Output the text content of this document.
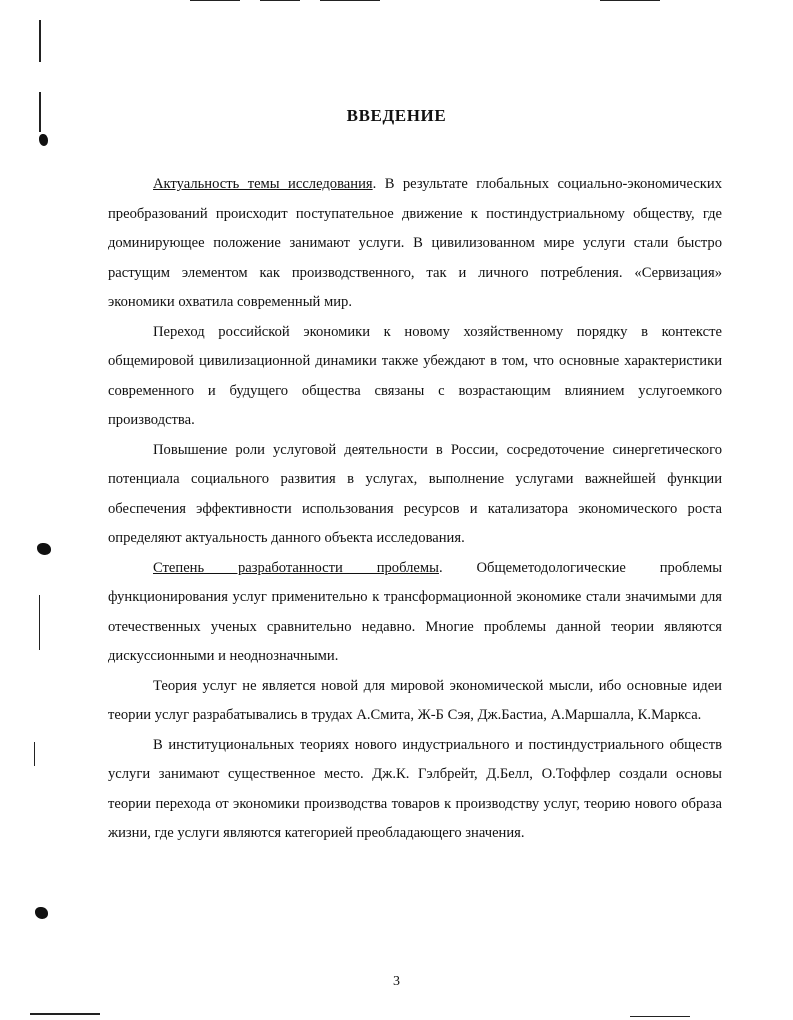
ВВЕДЕНИЕ

Актуальность темы исследования. В результате глобальных социально-экономических преобразований происходит поступательное движение к постиндустриальному обществу, где доминирующее положение занимают услуги. В цивилизованном мире услуги стали быстро растущим элементом как производственного, так и личного потребления. «Сервизация» экономики охватила современный мир.

Переход российской экономики к новому хозяйственному порядку в контексте общемировой цивилизационной динамики также убеждают в том, что основные характеристики современного и будущего общества связаны с возрастающим влиянием услугоемкого производства.

Повышение роли услуговой деятельности в России, сосредоточение синергетического потенциала социального развития в услугах, выполнение услугами важнейшей функции обеспечения эффективности использования ресурсов и катализатора экономического роста определяют актуальность данного объекта исследования.

Степень разработанности проблемы. Общеметодологические проблемы функционирования услуг применительно к трансформационной экономике стали значимыми для отечественных ученых сравнительно недавно. Многие проблемы данной теории являются дискуссионными и неоднозначными.

Теория услуг не является новой для мировой экономической мысли, ибо основные идеи теории услуг разрабатывались в трудах А.Смита, Ж-Б Сэя, Дж.Бастиа, А.Маршалла, К.Маркса.

В институциональных теориях нового индустриального и постиндустриального обществ услуги занимают существенное место. Дж.К. Гэлбрейт, Д.Белл, О.Тоффлер создали основы теории перехода от экономики производства товаров к производству услуг, теорию нового образа жизни, где услуги являются категорией преобладающего значения.

3
